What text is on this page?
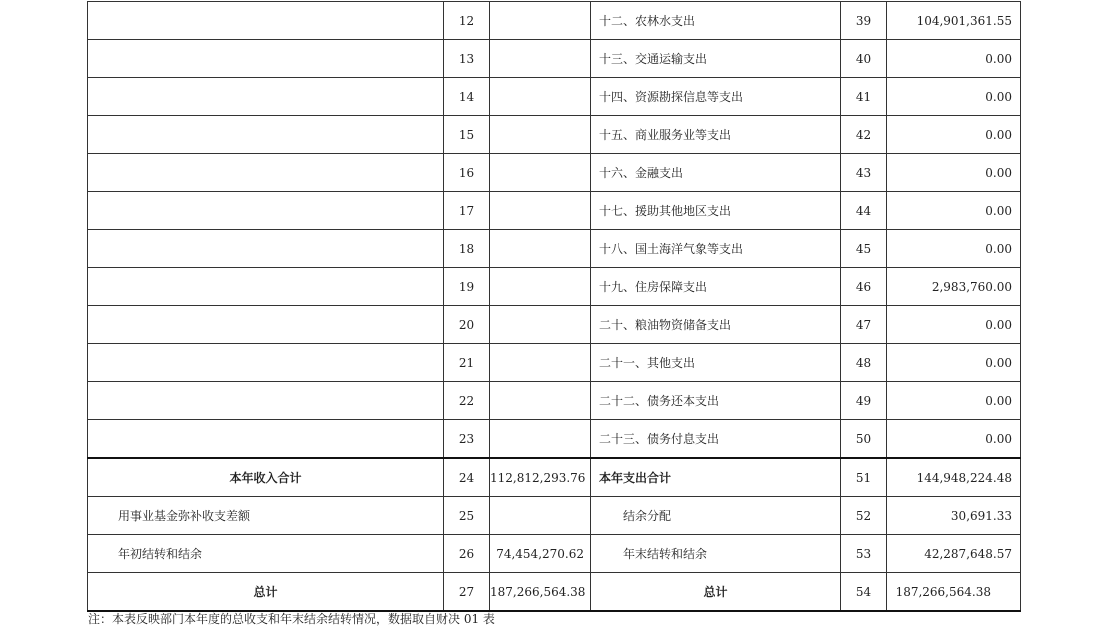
	12		十二、农林水支出	39	104,901,361.55
	13		十三、交通运输支出	40	0.00
	14		十四、资源勘探信息等支出	41	0.00
	15		十五、商业服务业等支出	42	0.00
	16		十六、金融支出	43	0.00
	17		十七、援助其他地区支出	44	0.00
	18		十八、国土海洋气象等支出	45	0.00
	19		十九、住房保障支出	46	2,983,760.00
	20		二十、粮油物资储备支出	47	0.00
	21		二十一、其他支出	48	0.00
	22		二十二、债务还本支出	49	0.00
	23		二十三、债务付息支出	50	0.00
本年收入合计	24	112,812,293.76	本年支出合计	51	144,948,224.48
用事业基金弥补收支差额	25		结余分配	52	30,691.33
年初结转和结余	26	74,454,270.62	年末结转和结余	53	42,287,648.57
总计	27	187,266,564.38	总计	54	187,266,564.38
注：本表反映部门本年度的总收支和年末结余结转情况，数据取自财决 01 表
